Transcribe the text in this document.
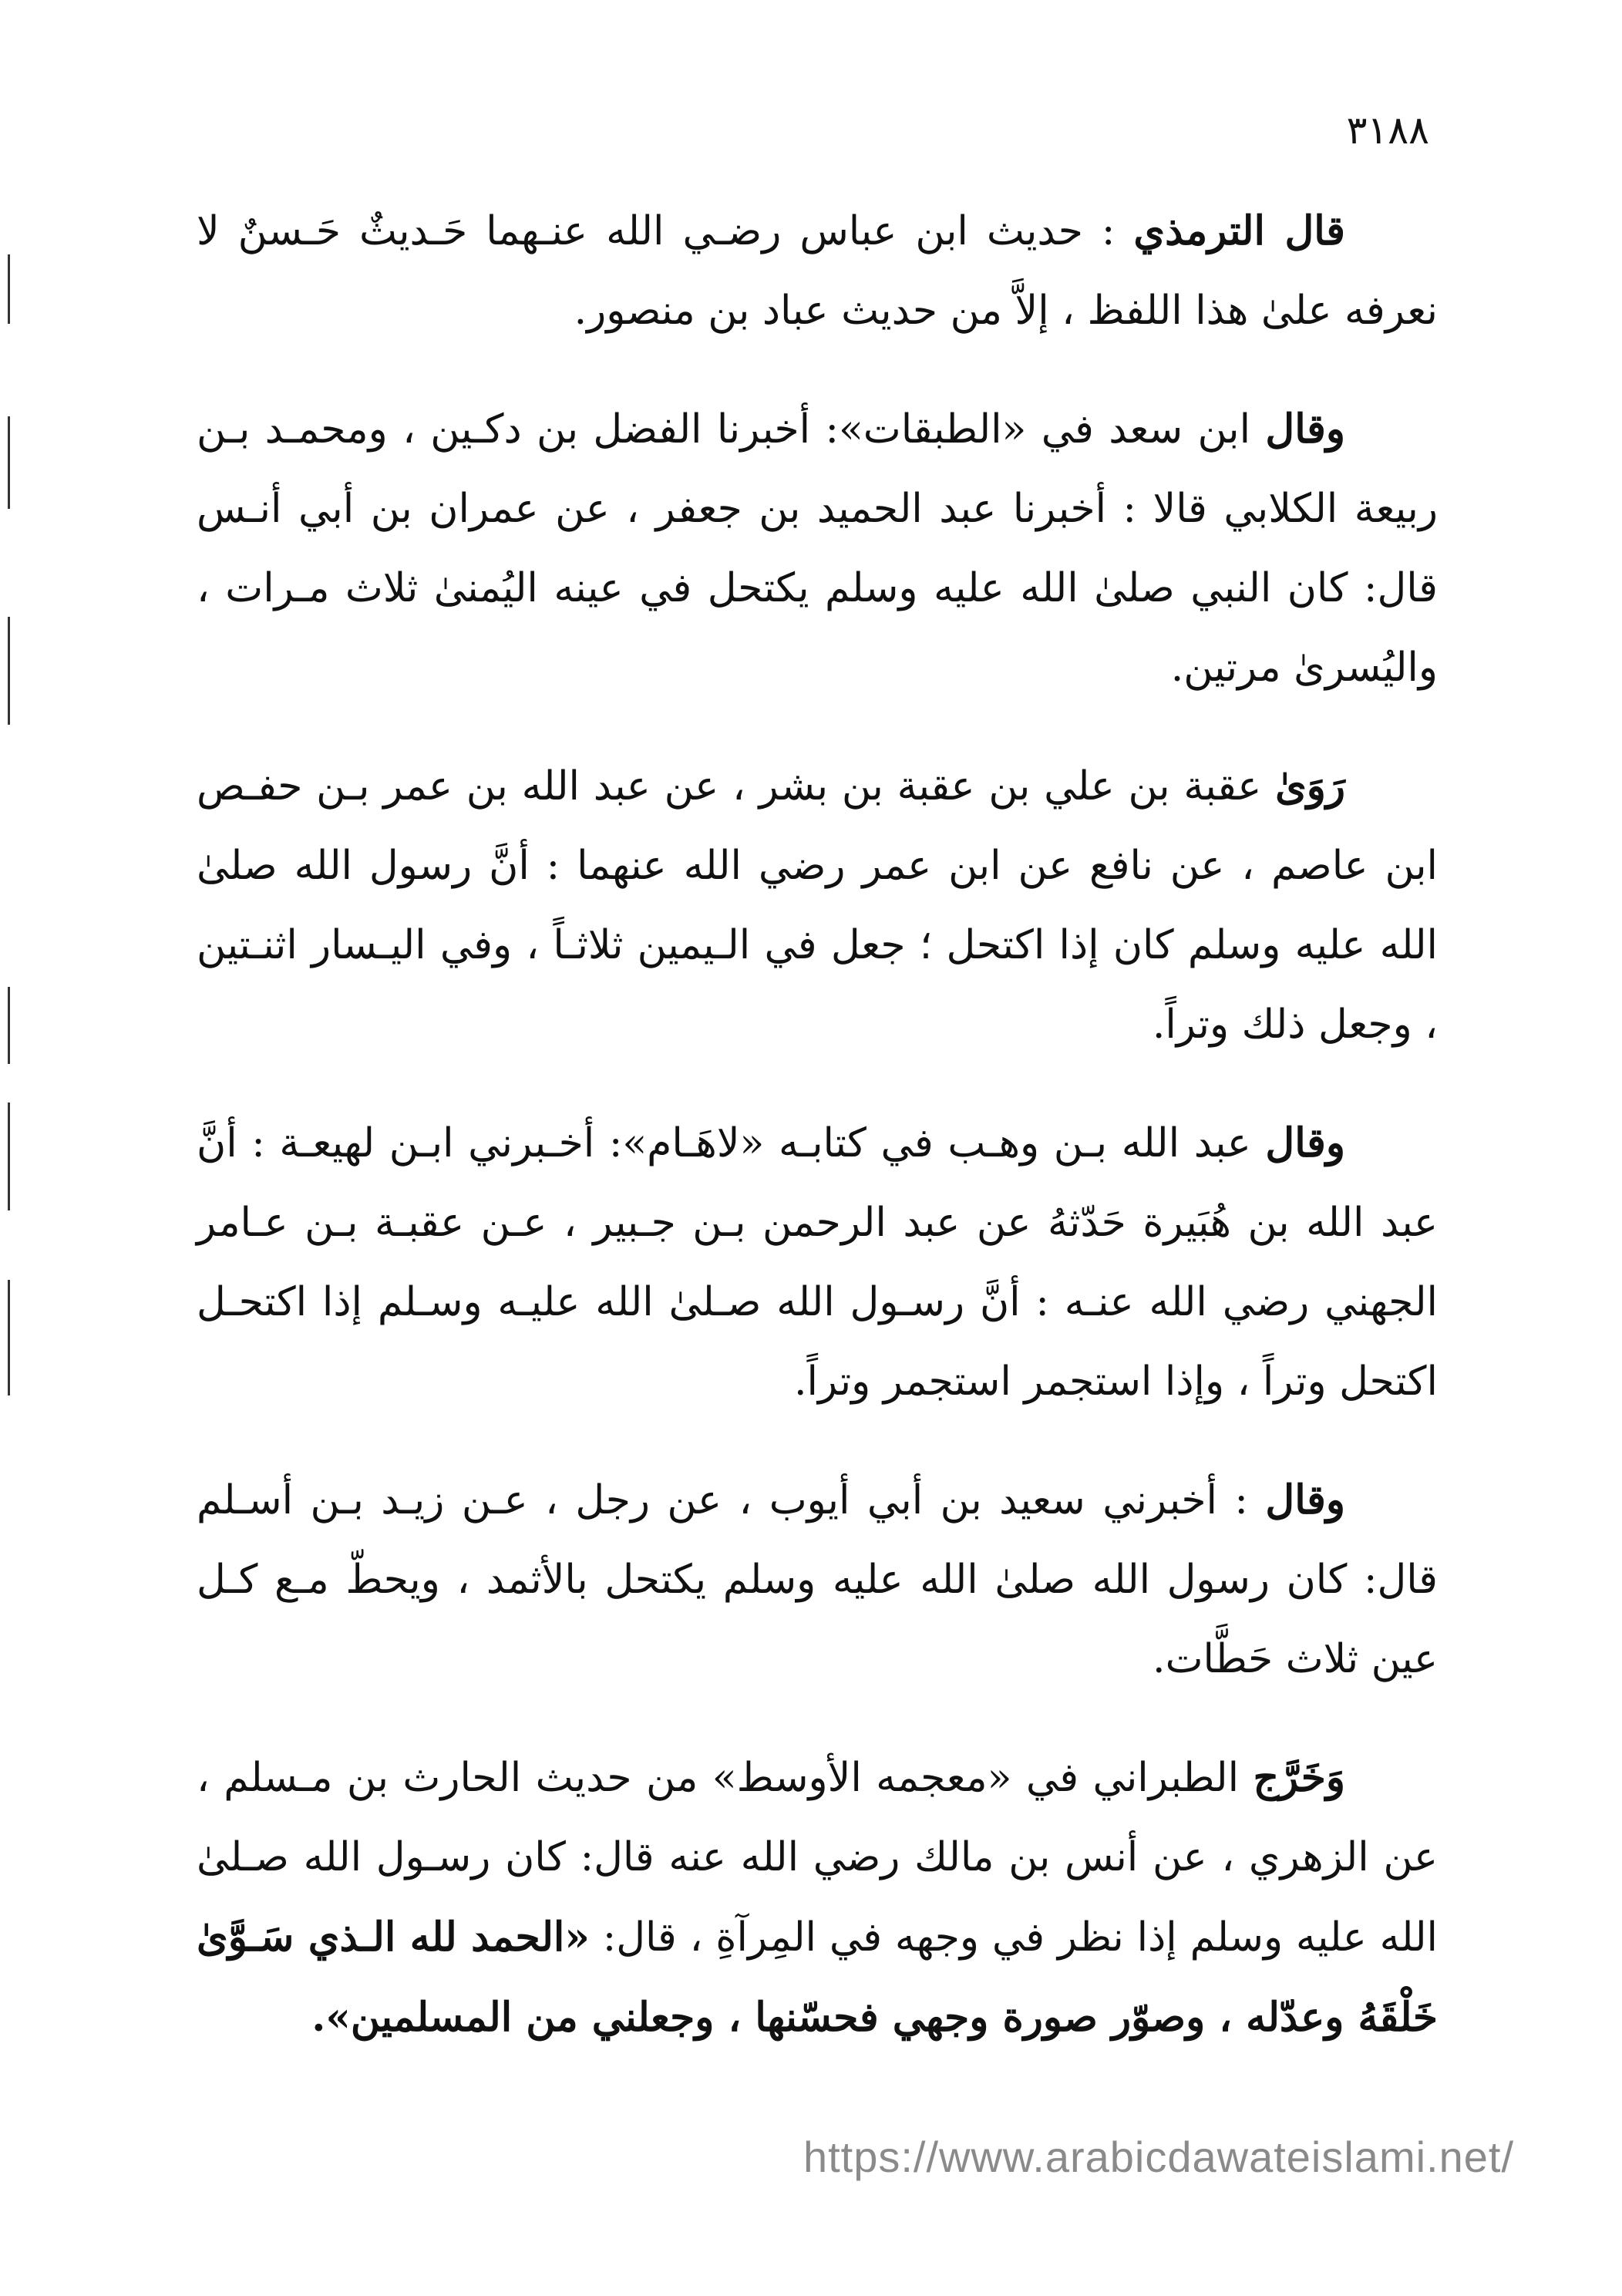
٣١٨٨

قال الترمذي : حديث ابن عباس رضـي الله عنـهما حَـديثٌ حَـسنٌ لا نعرفه علىٰ هذا اللفظ ، إلاَّ من حديث عباد بن منصور.

وقال ابن سعد في «الطبقات»: أخبرنا الفضل بن دكـين ، ومحمـد بـن ربيعة الكلابي قالا : أخبرنا عبد الحميد بن جعفر ، عن عمران بن أبي أنـس قال: كان النبي صلىٰ الله عليه وسلم يكتحل في عينه اليُمنىٰ ثلاث مـرات ، واليُسرىٰ مرتين.

رَوَىٰ عقبة بن علي بن عقبة بن بشر ، عن عبد الله بن عمر بـن حفـص ابن عاصم ، عن نافع عن ابن عمر رضي الله عنهما : أنَّ رسول الله صلىٰ الله عليه وسلم كان إذا اكتحل ؛ جعل في الـيمين ثلاثـاً ، وفي اليـسار اثنـتين ، وجعل ذلك وتراً.

وقال عبد الله بـن وهـب في كتابـه «لاهَـام»: أخـبرني ابـن لهيعـة : أنَّ عبد الله بن هُبَيرة حَدّثهُ عن عبد الرحمن بـن جـبير ، عـن عقبـة بـن عـامر الجهني رضي الله عنـه : أنَّ رسـول الله صـلىٰ الله عليـه وسـلم إذا اكتحـل اكتحل وتراً ، وإذا استجمر استجمر وتراً.

وقال : أخبرني سعيد بن أبي أيوب ، عن رجل ، عـن زيـد بـن أسـلم قال: كان رسول الله صلىٰ الله عليه وسلم يكتحل بالأثمد ، ويحطّ مـع كـل عين ثلاث حَطَّات.

وَخَرَّج الطبراني في «معجمه الأوسط» من حديث الحارث بن مـسلم ، عن الزهري ، عن أنس بن مالك رضي الله عنه قال: كان رسـول الله صـلىٰ الله عليه وسلم إذا نظر في وجهه في المِرآةِ ، قال: «الحمد لله الـذي سَـوَّىٰ خَلْقَهُ وعدّله ، وصوّر صورة وجهي فحسّنها ، وجعلني من المسلمين».

https://www.arabicdawateislami.net/
